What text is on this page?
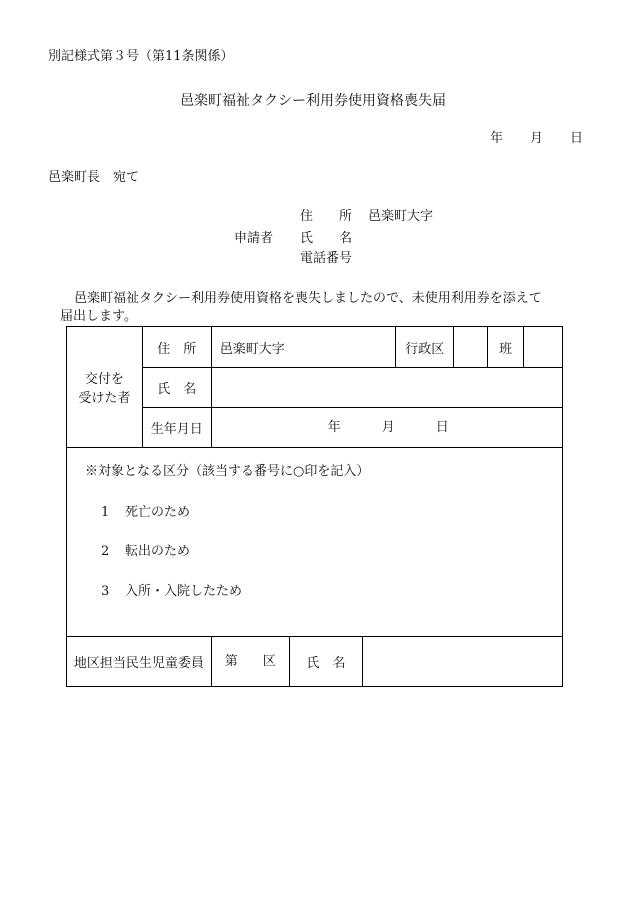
別記様式第３号（第11条関係）
邑楽町福祉タクシー利用券使用資格喪失届
年 月 日
邑楽町長　宛て
申請者
住　　所 邑楽町大字
氏　　名
電話番号
邑楽町福祉タクシー利用券使用資格を喪失しましたので、未使用利用券を添えて
届出します。
交付を
受けた者	住　所	邑楽町大字	行政区		班	
	氏　名					
	生年月日	年 月 日				
※対象となる区分（該当する番号に○印を記入）
1 死亡のため
2 転出のため
3 入所・入院したため
地区担当民生児童委員	第 区	氏　名	
